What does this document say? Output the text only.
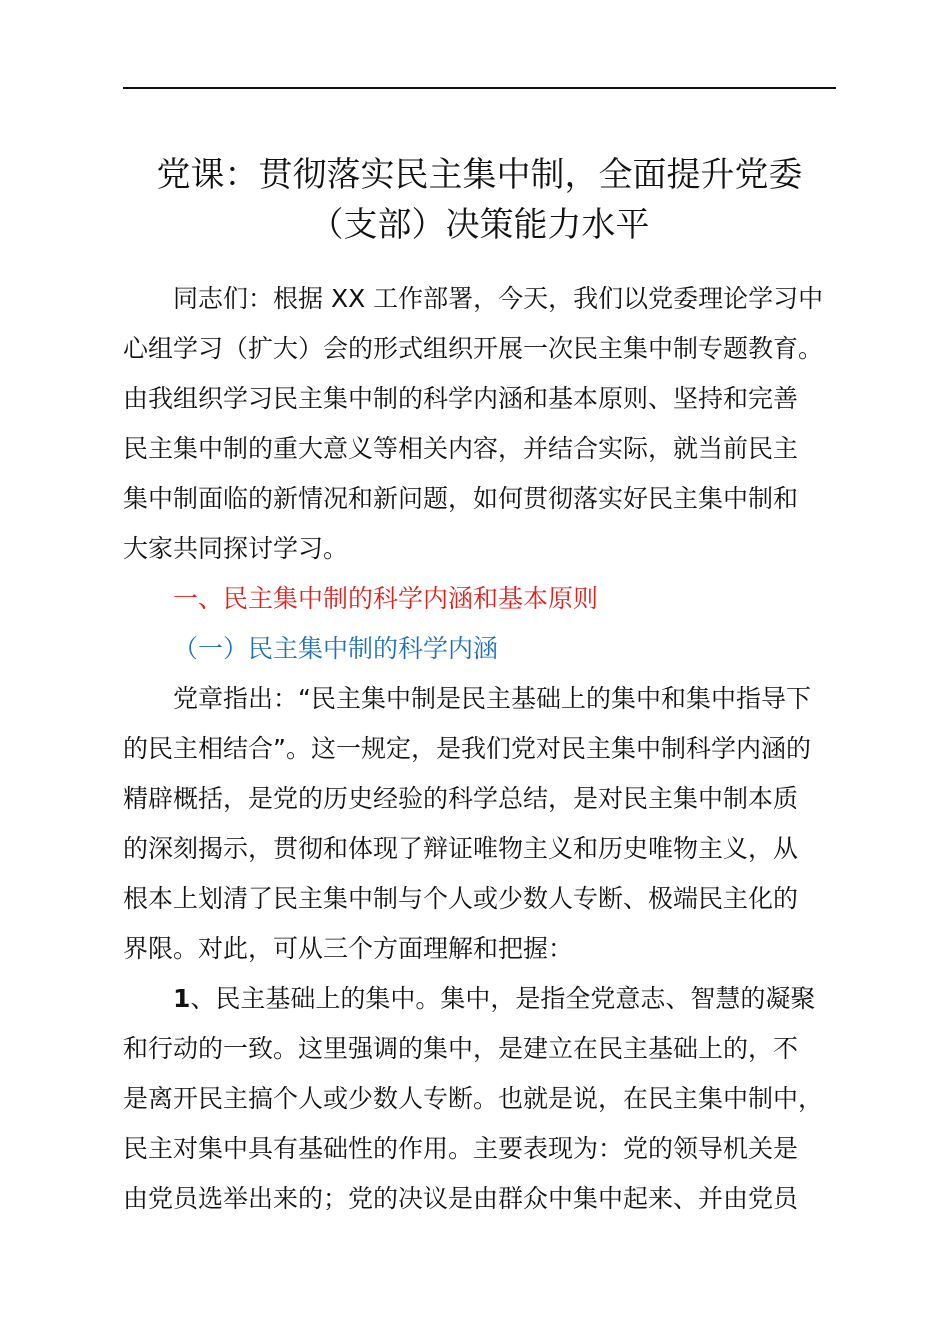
党课：贯彻落实民主集中制，全面提升党委
（支部）决策能力水平

同志们：根据 XX 工作部署，今天，我们以党委理论学习中
心组学习（扩大）会的形式组织开展一次民主集中制专题教育。
由我组织学习民主集中制的科学内涵和基本原则、坚持和完善
民主集中制的重大意义等相关内容，并结合实际，就当前民主
集中制面临的新情况和新问题，如何贯彻落实好民主集中制和
大家共同探讨学习。

一、民主集中制的科学内涵和基本原则

（一）民主集中制的科学内涵

党章指出：“民主集中制是民主基础上的集中和集中指导下
的民主相结合”。这一规定，是我们党对民主集中制科学内涵的
精辟概括，是党的历史经验的科学总结，是对民主集中制本质
的深刻揭示，贯彻和体现了辩证唯物主义和历史唯物主义，从
根本上划清了民主集中制与个人或少数人专断、极端民主化的
界限。对此，可从三个方面理解和把握：

1、民主基础上的集中。集中，是指全党意志、智慧的凝聚
和行动的一致。这里强调的集中，是建立在民主基础上的，不
是离开民主搞个人或少数人专断。也就是说，在民主集中制中，
民主对集中具有基础性的作用。主要表现为：党的领导机关是
由党员选举出来的；党的决议是由群众中集中起来、并由党员
